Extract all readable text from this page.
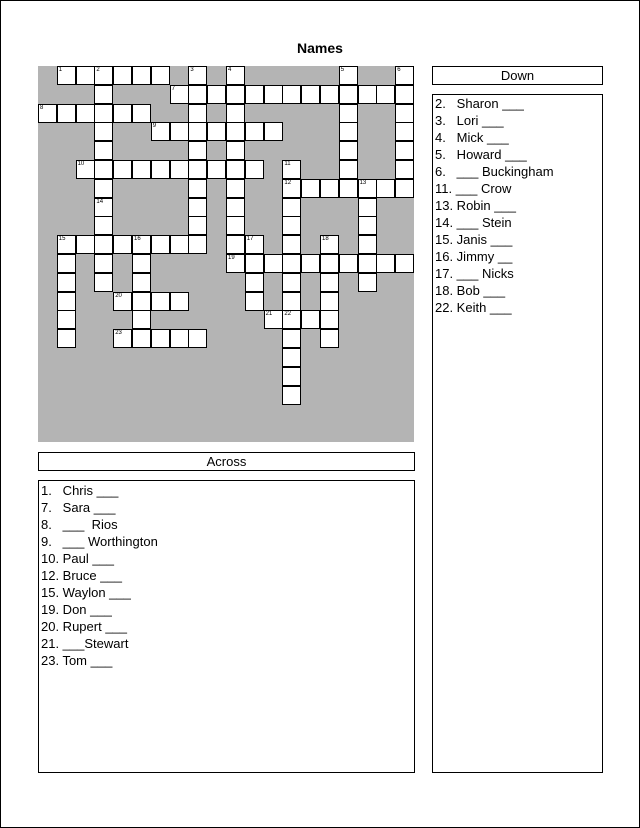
Names
1	2
7
8
9
10
12	13
15	16
19
20
21 22
23
14
3	4	5	6
11
17	18
Across
1.   Chris ___
7.   Sara ___
8.   ___  Rios
9.   ___ Worthington
10. Paul ___
12. Bruce ___
15. Waylon ___
19. Don ___
20. Rupert ___
21. ___Stewart
23. Tom ___
Down
2.   Sharon ___
3.   Lori ___
4.   Mick ___
5.   Howard ___
6.   ___ Buckingham
11. ___ Crow
13. Robin ___
14. ___ Stein
15. Janis ___
16. Jimmy __
17. ___ Nicks
18. Bob ___
22. Keith ___
